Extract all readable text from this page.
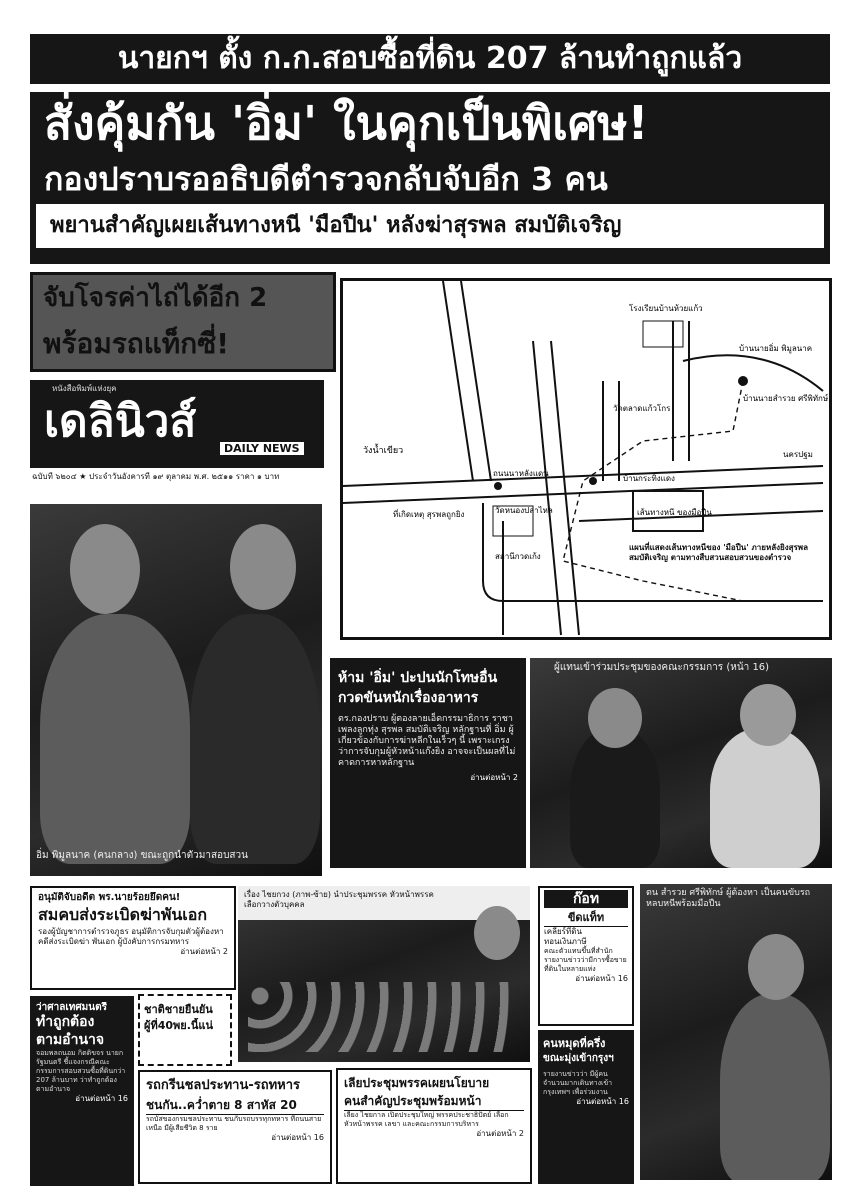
นายกฯ ตั้ง ก.ก.สอบซื้อที่ดิน 207 ล้านทำถูกแล้ว
สั่งคุ้มกัน 'อิ่ม' ในคุกเป็นพิเศษ!
กองปราบรออธิบดีตำรวจกลับจับอีก 3 คน
พยานสำคัญเผยเส้นทางหนี 'มือปืน' หลังฆ่าสุรพล สมบัติเจริญ
จับโจรค่าไถ่ได้อีก 2
พร้อมรถแท็กซี่!
หนังสือพิมพ์แห่งยุค
เดลินิวส์
DAILY NEWS
ฉบับที่ ๖๒๐๔ ★ ประจำวันอังคารที่ ๑๙ ตุลาคม พ.ศ. ๒๕๑๑ ราคา ๑ บาท
โรงเรียนบ้านห้วยแก้ว
บ้านนายอิ่ม พิมูลนาค
บ้านนายสำรวย ศรีพิทักษ์
วัดตลาดแก้วโกร
วังน้ำเขียว
ถนนนาหลังแดน
ที่เกิดเหตุ สุรพลถูกยิง	วัดหนองปลาไหล
สถานีกวดเก้ง
บ้านกระทิงแดง
เส้นทางหนี ของมือปืน
นครปฐม
แผนที่แสดงเส้นทางหนีของ 'มือปืน' ภายหลังยิงสุรพล สมบัติเจริญ ตามทางสืบสวนสอบสวนของตำรวจ
อิ่ม พิมูลนาค (คนกลาง) ขณะถูกนำตัวมาสอบสวน
ห้าม 'อิ่ม' ปะปนนักโทษอื่น
กวดขันหนักเรื่องอาหาร
ตร.กองปราบ ผู้ตองลายเอ็ดกรรมาธิการ ราชาเพลงลูกทุ่ง สุรพล สมบัติเจริญ หลักฐานที่ อิ่ม ผู้เกี่ยวข้องกับการฆ่าหลีกในเร็วๆ นี้ เพราะเกรงว่าการจับกุมผู้หัวหน้าแก๊งยิง อาจจะเป็นผลที่ไม่คาดการหาหลักฐาน
อ่านต่อหน้า 2
ผู้แทนเข้าร่วมประชุมของคณะกรรมการ (หน้า 16)
อนุมัติจับอดีต พร.นายร้อยยึดคน!
สมคบส่งระเบิดฆ่าพันเอก
รองผู้บัญชาการตำรวจภูธร อนุมัติการจับกุมตัวผู้ต้องหาคดีส่งระเบิดฆ่า พันเอก ผู้บังคับการกรมทหาร
อ่านต่อหน้า 2
เรื่อง ไชยกวง (ภาพ-ซ้าย) นำประชุมพรรค หัวหน้าพรรค เลือกวางตัวบุคคล	ก๊อท
ขีดแท็ท
เคลียร์ที่ดิน
ทอนเงินภาษี
คณะตัวแทนขึ้นที่สำนัก รายงานข่าวว่ามีการซื้อขายที่ดินในหลายแห่ง
อ่านต่อหน้า 16
ตน สำรวย ศรีพิทักษ์ ผู้ต้องหา เป็นคนขับรถ หลบหนีพร้อมมือปืน
ว่าศาลเทศมนตรี
ทำถูกต้อง
ตามอำนาจ
จอมพลถนอม กิตติขจร นายกรัฐมนตรี ชี้แจงกรณีคณะกรรมการสอบสวนซื้อที่ดินกว่า 207 ล้านบาท ว่าทำถูกต้องตามอำนาจ
อ่านต่อหน้า 16
ชาติชายยืนยัน
ผู้ที่40พย.นี้แน่
รถกรีนชลประทาน-รถทหาร
ชนกัน..คว่ำตาย 8 สาหัส 20
รถบัสของกรมชลประทาน ชนกับรถบรรทุกทหาร ที่ถนนสายเหนือ มีผู้เสียชีวิต 8 ราย
อ่านต่อหน้า 16
เลียประชุมพรรคเผยนโยบาย
คนสำคัญประชุมพร้อมหน้า
เลียง ไชยกาล เปิดประชุมใหญ่ พรรคประชาธิปัตย์ เลือกหัวหน้าพรรค เลขา และคณะกรรมการบริหาร
อ่านต่อหน้า 2
คนหมุดที่ครึ่ง
ขณะมุ่งเข้ากรุงฯ
รายงานข่าวว่า มีผู้คนจำนวนมากเดินทางเข้ากรุงเทพฯ เพื่อร่วมงาน
อ่านต่อหน้า 16
